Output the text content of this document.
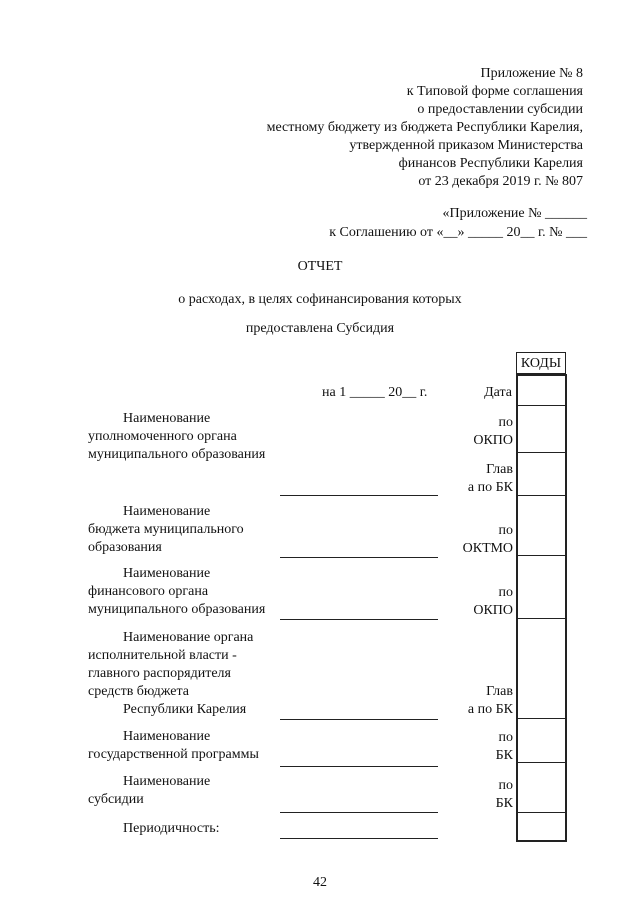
Приложение № 8
к Типовой форме соглашения
о предоставлении субсидии
местному бюджету из бюджета Республики Карелия,
утвержденной приказом Министерства
финансов Республики Карелия
от 23 декабря 2019 г. № 807
«Приложение № ______
к Соглашению от «__» _____ 20__ г. № ___
ОТЧЕТ
о расходах, в целях софинансирования которых
предоставлена Субсидия
КОДЫ
на 1 _____ 20__ г.	Дата
Наименование
уполномоченного органа
муниципального образования
по
ОКПО
Глав
а по БК
Наименование
бюджета муниципального
образования
по
ОКТМО
Наименование
финансового органа
муниципального образования
по
ОКПО
Наименование органа
исполнительной власти -
главного распорядителя
средств бюджета
Республики Карелия
Глав
а по БК
Наименование
государственной программы
по
БК
Наименование
субсидии
по
БК
Периодичность:
42
